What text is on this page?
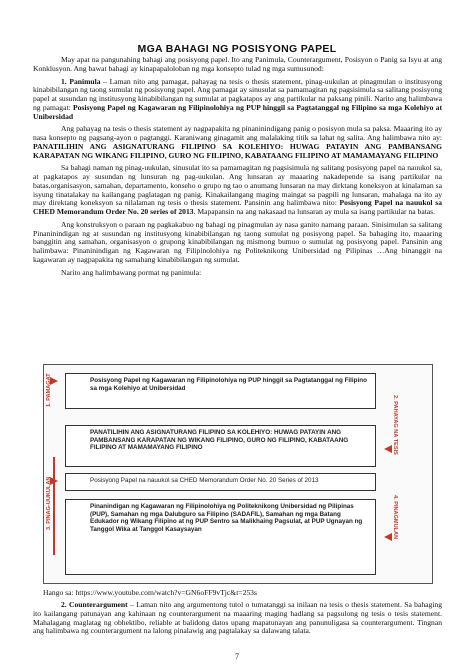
MGA BAHAGI NG POSISYONG PAPEL

May apat na pangunahing bahagi ang posisyong papel. Ito ang Panimula, Counterargument, Posisyon o Panig sa Isyu at ang Konklusyon. Ang bawat bahagi ay kinapapaloloban ng mga konsepto tulad ng mga sumusunod:

1. Panimula – Laman nito ang pamagat, pahayag na tesis o thesis statement, pinag-uukulan at pinagmulan o institusyong kinabibilangan ng taong sumulat ng posisyong papel. Ang pamagat ay sinusulat sa pamamagitan ng pagsisimula sa salitang posisyong papel at susundan ng institusyong kinabibilangan ng sumulat at pagkatapos ay ang partikular na paksang pinili. Narito ang halimbawa ng pamagat: Posisyong Papel ng Kagawaran ng Filipinolohiya ng PUP hinggil sa Pagtatanggal ng Filipino sa mga Kolehiyo at Unibersidad

Ang pahayag na tesis o thesis statement ay nagpapakita ng pinaninindigang panig o posisyon mula sa paksa. Maaaring ito ay nasa konsepto ng pagsang-ayon o pagtanggi. Karaniwang ginagamit ang malalaking titik sa lahat ng salita. Ang halimbawa nito ay: PANATILIHIN ANG ASIGNATURANG FILIPINO SA KOLEHIYO: HUWAG PATAYIN ANG PAMBANSANG KARAPATAN NG WIKANG FILIPINO, GURO NG FILIPINO, KABATAANG FILIPINO AT MAMAMAYANG FILIPINO

Sa bahagi naman ng pinag-uukulan, sinusulat ito sa pamamagitan ng pagsisimula ng salitang posisyong papel na nauukol sa, at pagkatapos ay susundan ng lunsuran ng pag-uukulan. Ang lunsaran ay maaaring nakadepende sa isang partikular na batas,organisasyon, samahan, departamento, konseho o grupo ng tao o anumang lunsaran na may dirktang koneksyon at kinalaman sa isyung tinatalakay na kailangang paglatagan ng panig. Kinakailangang maging maingat sa pagpili ng lunsaran, mahalaga na ito ay may direktang koneksyon sa nilalaman ng tesis o thesis statement. Pansinin ang halimbawa nito: Posisyong Papel na nauukol sa CHED Memorandum Order No. 20 series of 2013. Mapapansin na ang nakasaad na lunsaran ay mula sa isang partikular na batas.

Ang konstruksyon o paraan ng pagkakabuo ng bahagi ng pinagmulan ay nasa ganito namang paraan. Sinisimulan sa salitang Pinaninindigan ng at susundan ng institusyong kinabibilangan ng taong sumulat ng posisyong papel. Sa bahaging ito, maaaring banggitin ang samahan, organisasyon o grupong kinabibilangan ng mismong bumuo o sumulat ng posisyong papel. Pansinin ang halimbawa: Pinaninindigan ng Kagawaran ng Filipinolohiya ng Politeknikong Unibersidad ng Pilipinas …Ang binanggit na kagawaran ay nagpapakita ng samahang kinabibilangan ng sumulat.

Narito ang halimbawang pormat ng panimula:

Posisyong Papel ng Kagawaran ng Filipinolohiya ng PUP hinggil sa Pagtatanggal ng Filipino sa mga Kolehiyo at Unibersidad
PANATILIHIN ANG ASIGNATURANG FILIPINO SA KOLEHIYO: HUWAG PATAYIN ANG PAMBANSANG KARAPATAN NG WIKANG FILIPINO, GURO NG FILIPINO, KABATAANG FILIPINO AT MAMAMAYANG FILIPINO
Posisyong Papel na nauukol sa CHED Memorandum Order No. 20 Series of 2013
Pinanindigan ng Kagawaran ng Filipinolohiya ng Politeknikong Unibersidad ng Pilipinas (PUP), Samahan ng mga Dalubguro sa Filipino (SADAFIL), Samahan ng mga Batang Edukador ng Wikang Filipino at ng PUP Sentro sa Malikhaing Pagsulat, at PUP Ugnayan ng Tanggol Wika at Tanggol Kasaysayan
1. PAMAGAT
3. PINAG-UUKULAN
2. PAHAYAG NA TESIS
4. PINAGMULAN
Hango sa: https://www.youtube.com/watch?v=GN6oFF9vTjc&t=253s

2. Counterargument – Laman nito ang argumentong tutol o tumatanggi sa inilaan na tesis o thesis statement. Sa bahaging ito kailangang patunayan ang kahinaan ng counterargument na maaaring maging hadlang sa pagsulong ng tesis o tesis statement. Mahalagang maglatag ng obhektibo, reliable at balidong datos upang mapatunayan ang panunuligasa sa counterargument. Tingnan ang halimbawa ng counterargument na lalong pinalawig ang pagtalakay sa dalawang talata.

7
